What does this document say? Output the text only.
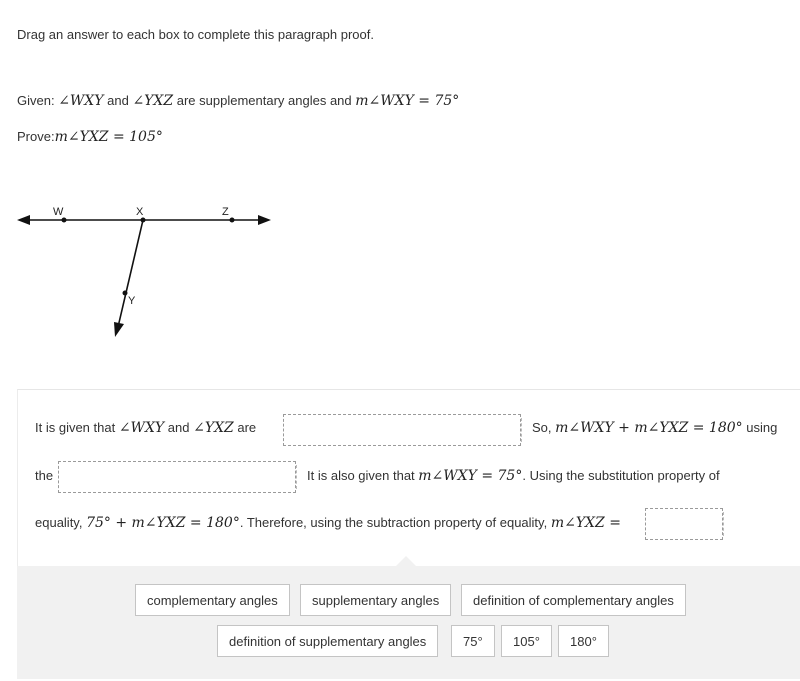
Drag an answer to each box to complete this paragraph proof.
Given: ∠WXY and ∠YXZ are supplementary angles and m∠WXY = 75°
Prove:m∠YXZ = 105°
W	X	Z
Y
It is given that ∠WXY and ∠YXZ are	So, m∠WXY + m∠YXZ = 180° using
the	It is also given that m∠WXY = 75°. Using the substitution property of
equality, 75° + m∠YXZ = 180°. Therefore, using the subtraction property of equality, m∠YXZ =
complementary angles	supplementary angles	definition of complementary angles
definition of supplementary angles	75°	105°	180°
